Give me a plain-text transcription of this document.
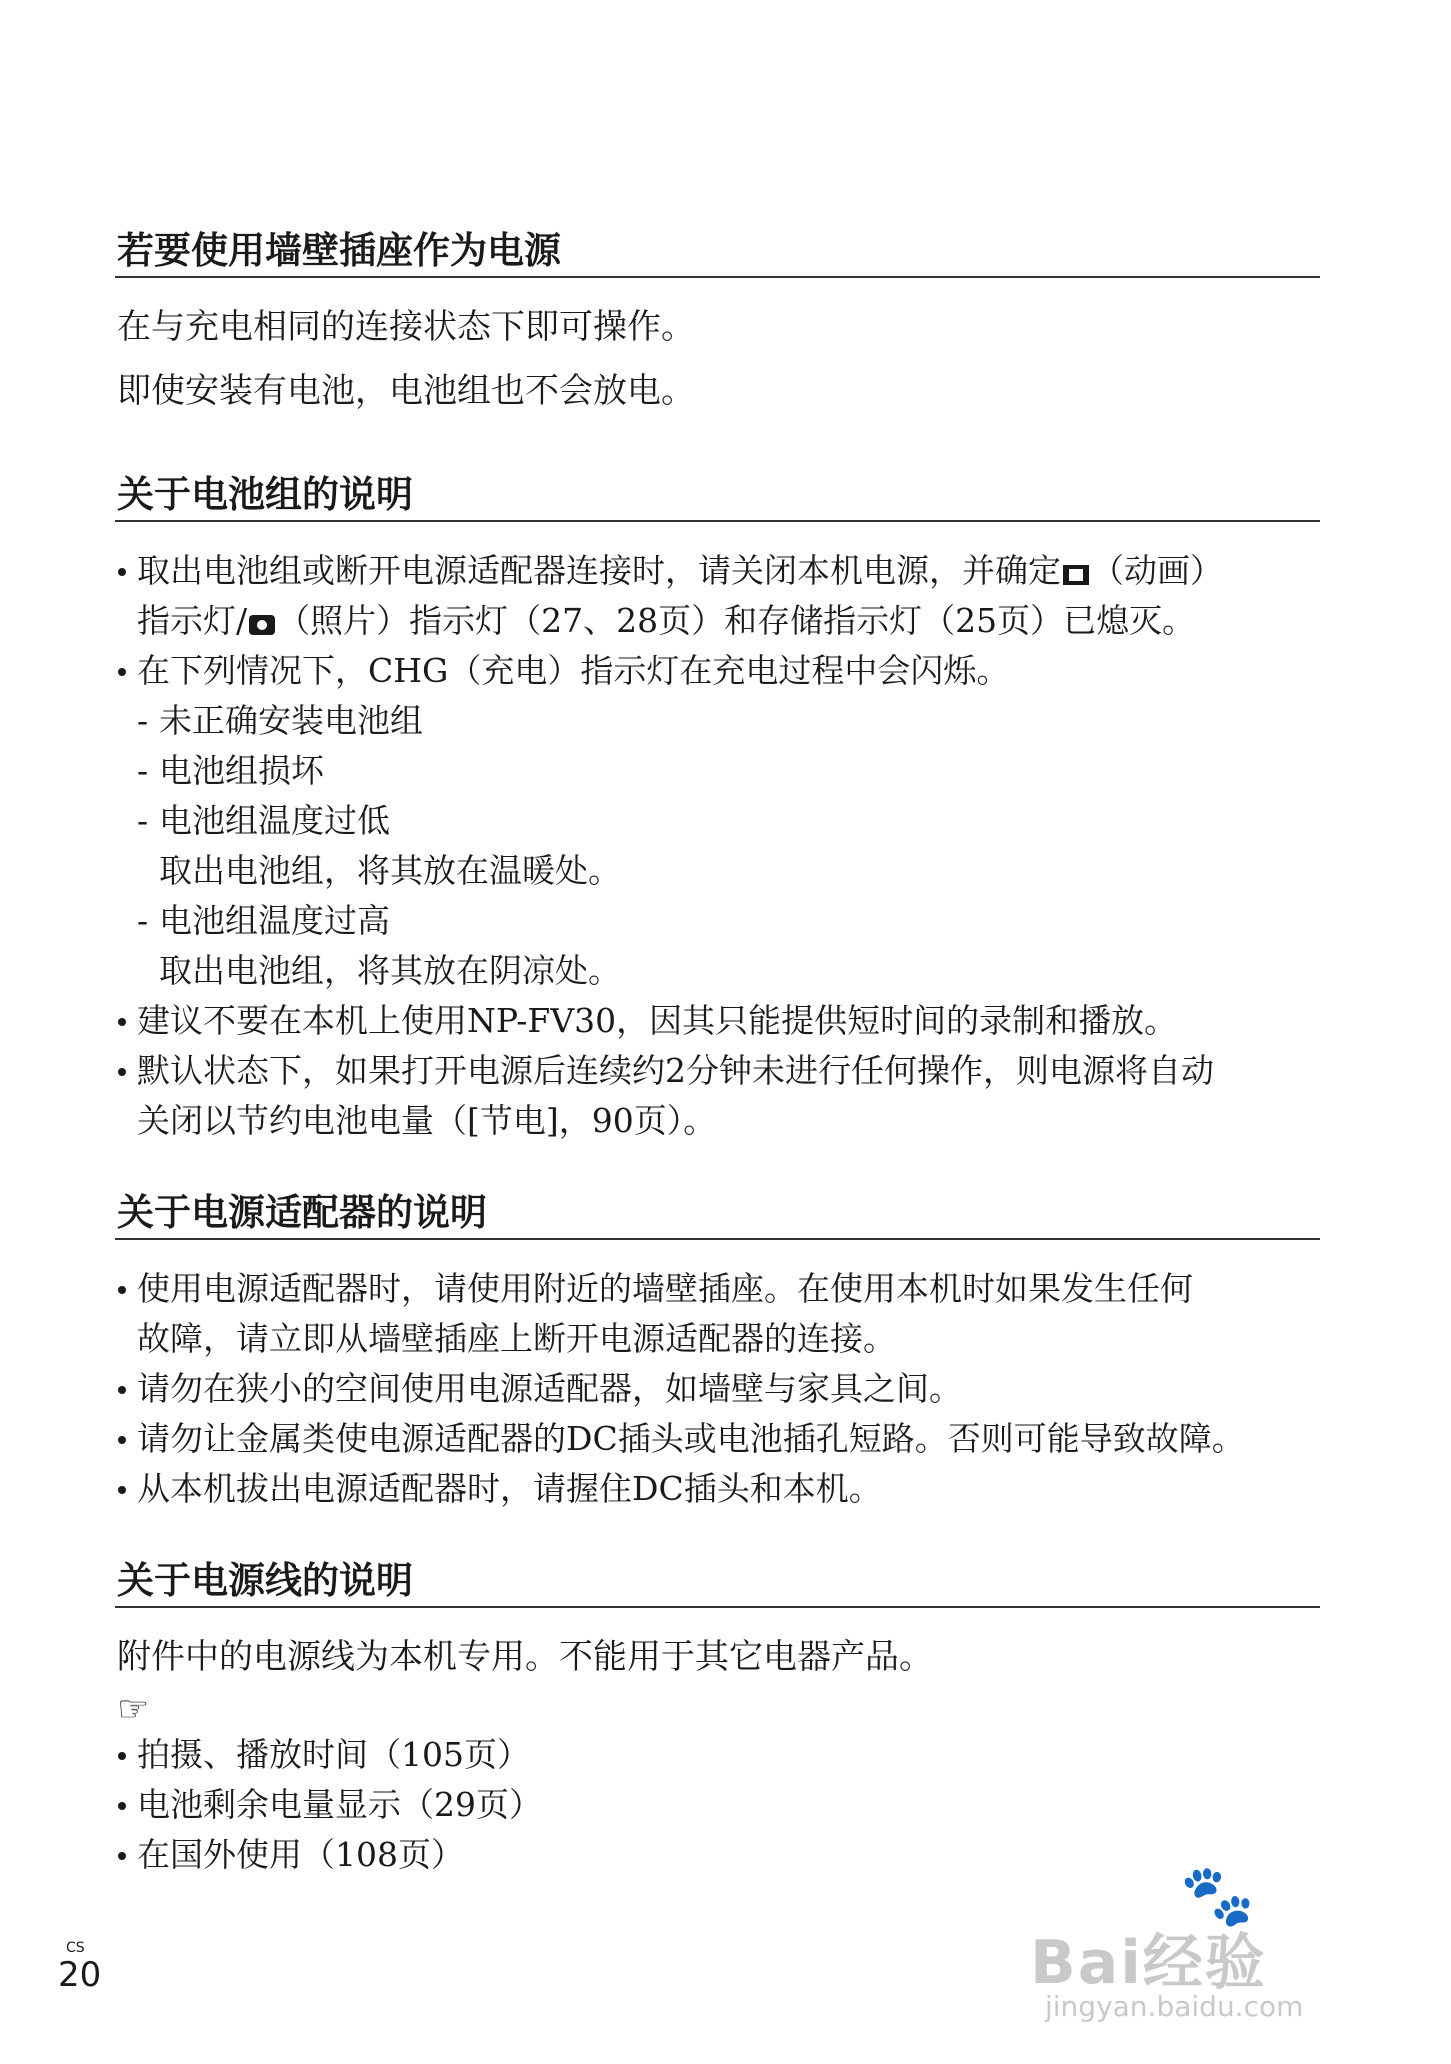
若要使用墙壁插座作为电源
在与充电相同的连接状态下即可操作。
即使安装有电池，电池组也不会放电。
关于电池组的说明
取出电池组或断开电源适配器连接时，请关闭本机电源，并确定 （动画）
指示灯/ （照片）指示灯（27、28页）和存储指示灯（25页）已熄灭。
在下列情况下，CHG（充电）指示灯在充电过程中会闪烁。
- 未正确安装电池组
- 电池组损坏
- 电池组温度过低
取出电池组，将其放在温暖处。
- 电池组温度过高
取出电池组，将其放在阴凉处。
建议不要在本机上使用NP-FV30，因其只能提供短时间的录制和播放。
默认状态下，如果打开电源后连续约2分钟未进行任何操作，则电源将自动
关闭以节约电池电量（[节电]，90页）。
关于电源适配器的说明
使用电源适配器时，请使用附近的墙壁插座。在使用本机时如果发生任何
故障，请立即从墙壁插座上断开电源适配器的连接。
请勿在狭小的空间使用电源适配器，如墙壁与家具之间。
请勿让金属类使电源适配器的DC插头或电池插孔短路。否则可能导致故障。
从本机拔出电源适配器时，请握住DC插头和本机。
关于电源线的说明
附件中的电源线为本机专用。不能用于其它电器产品。
☞
拍摄、播放时间（105页）
电池剩余电量显示（29页）
在国外使用（108页）
CS
20
🐾
Bai经验
jingyan.baidu.com
